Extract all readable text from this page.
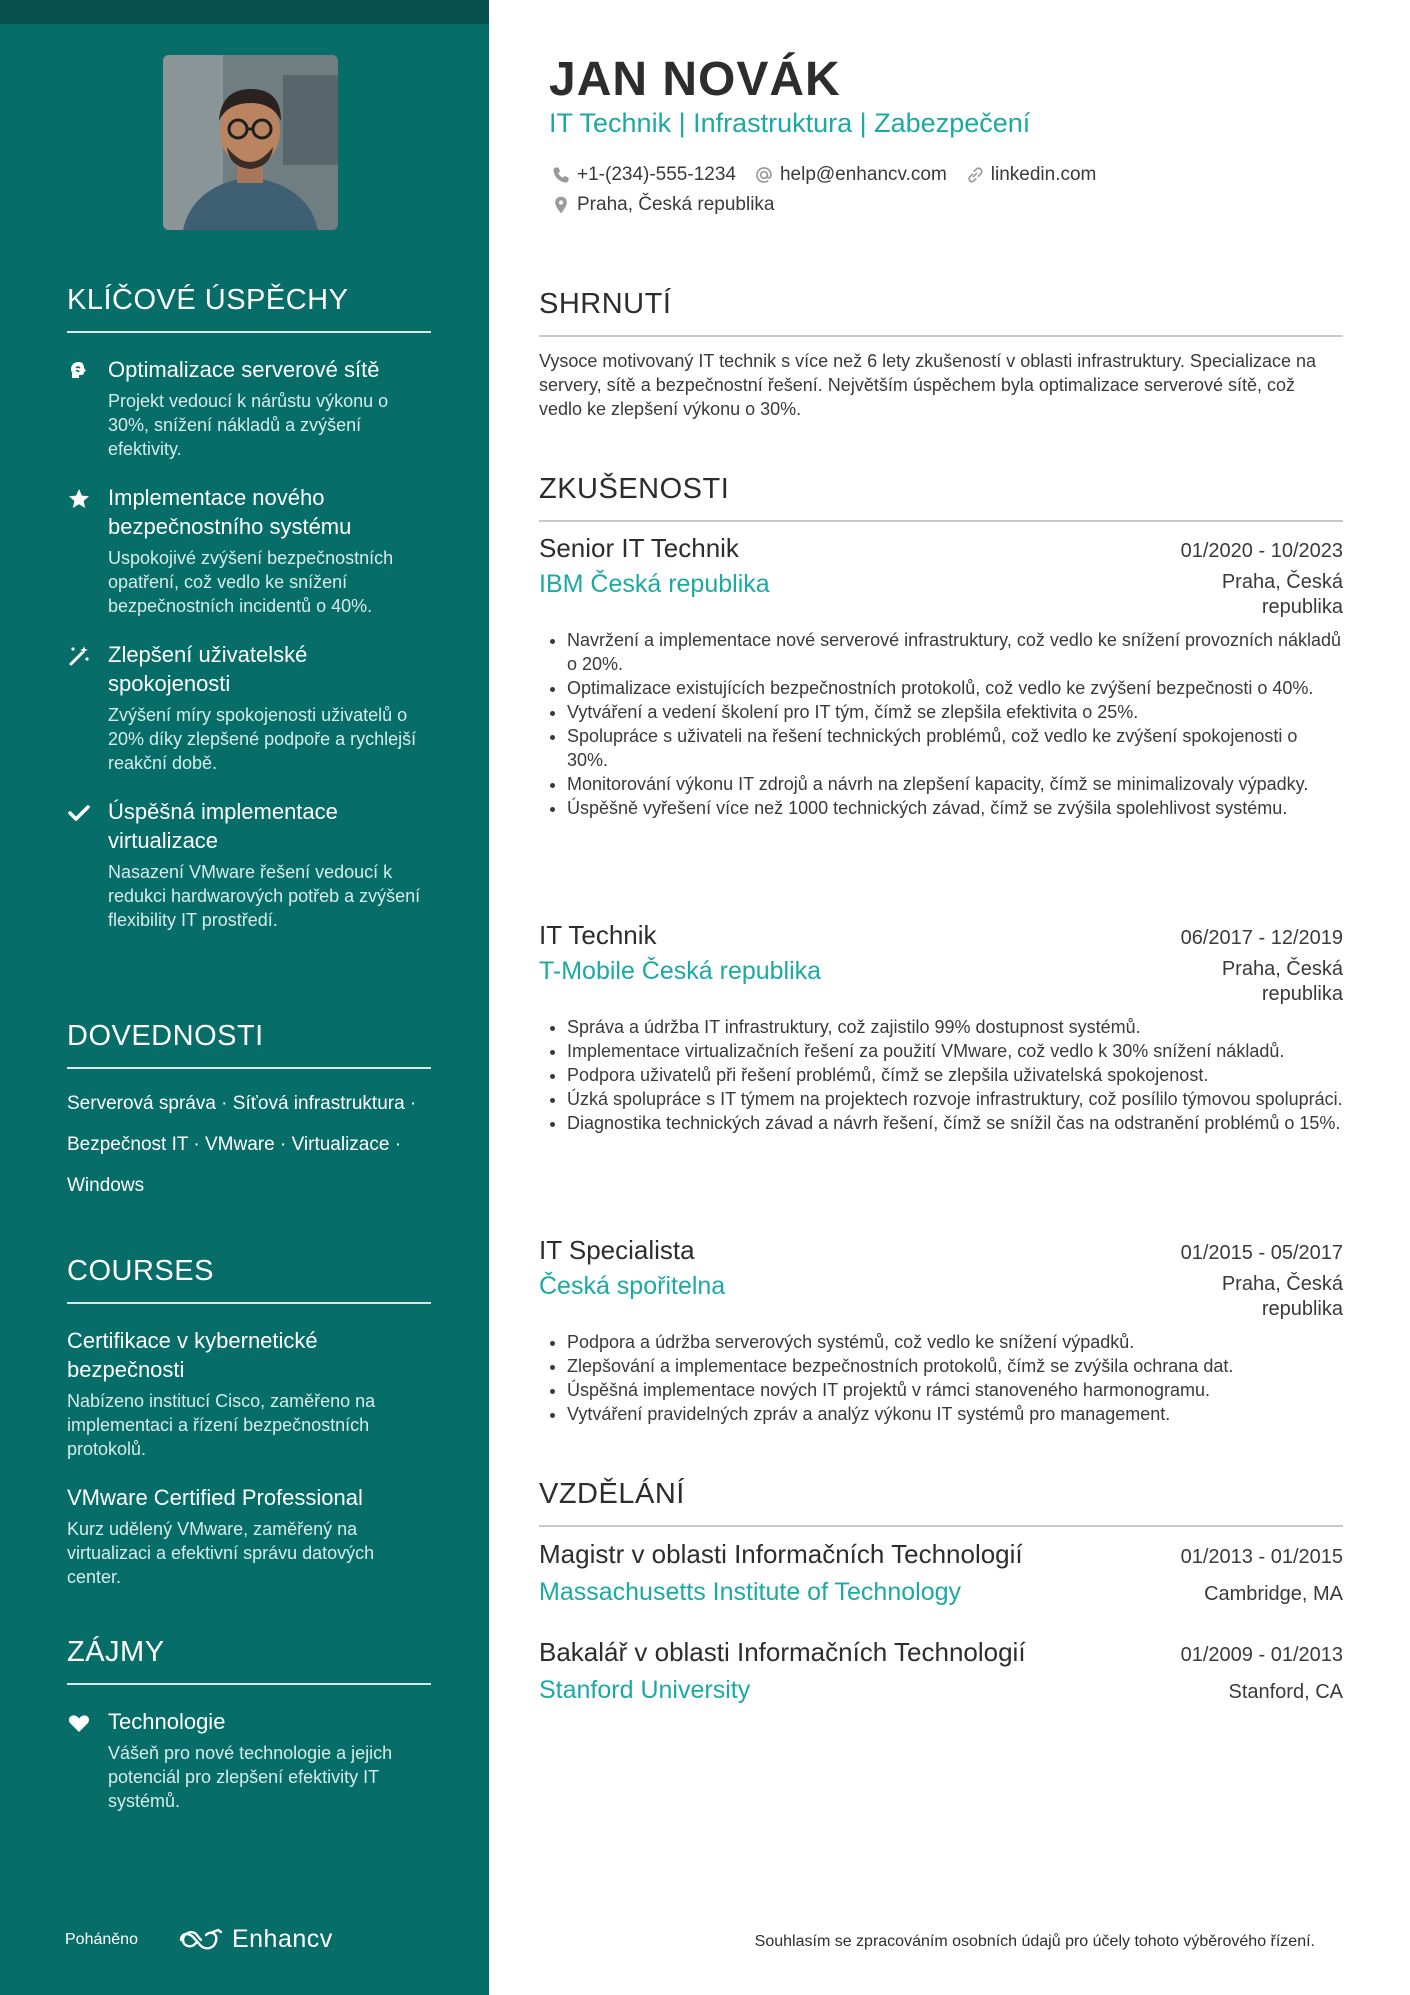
KLÍČOVÉ ÚSPĚCHY
Optimalizace serverové sítě
Projekt vedoucí k nárůstu výkonu o 30%, snížení nákladů a zvýšení efektivity.
Implementace nového bezpečnostního systému
Uspokojivé zvýšení bezpečnostních opatření, což vedlo ke snížení bezpečnostních incidentů o 40%.
Zlepšení uživatelské spokojenosti
Zvýšení míry spokojenosti uživatelů o 20% díky zlepšené podpoře a rychlejší reakční době.
Úspěšná implementace virtualizace
Nasazení VMware řešení vedoucí k redukci hardwarových potřeb a zvýšení flexibility IT prostředí.
DOVEDNOSTI
Serverová správa · Síťová infrastruktura · Bezpečnost IT · VMware · Virtualizace · Windows
COURSES
Certifikace v kybernetické bezpečnosti
Nabízeno institucí Cisco, zaměřeno na implementaci a řízení bezpečnostních protokolů.
VMware Certified Professional
Kurz udělený VMware, zaměřený na virtualizaci a efektivní správu datových center.
ZÁJMY
Technologie
Vášeň pro nové technologie a jejich potenciál pro zlepšení efektivity IT systémů.
Poháněno	Enhancv
JAN NOVÁK
IT Technik | Infrastruktura | Zabezpečení
+1-(234)-555-1234 help@enhancv.com linkedin.com
Praha, Česká republika
SHRNUTÍ
Vysoce motivovaný IT technik s více než 6 lety zkušeností v oblasti infrastruktury. Specializace na servery, sítě a bezpečnostní řešení. Největším úspěchem byla optimalizace serverové sítě, což vedlo ke zlepšení výkonu o 30%.
ZKUŠENOSTI
Senior IT Technik	01/2020 - 10/2023
IBM Česká republika	Praha, Česká republika
• Navržení a implementace nové serverové infrastruktury, což vedlo ke snížení provozních nákladů o 20%.
• Optimalizace existujících bezpečnostních protokolů, což vedlo ke zvýšení bezpečnosti o 40%.
• Vytváření a vedení školení pro IT tým, čímž se zlepšila efektivita o 25%.
• Spolupráce s uživateli na řešení technických problémů, což vedlo ke zvýšení spokojenosti o 30%.
• Monitorování výkonu IT zdrojů a návrh na zlepšení kapacity, čímž se minimalizovaly výpadky.
• Úspěšně vyřešení více než 1000 technických závad, čímž se zvýšila spolehlivost systému.
IT Technik	06/2017 - 12/2019
T-Mobile Česká republika	Praha, Česká republika
• Správa a údržba IT infrastruktury, což zajistilo 99% dostupnost systémů.
• Implementace virtualizačních řešení za použití VMware, což vedlo k 30% snížení nákladů.
• Podpora uživatelů při řešení problémů, čímž se zlepšila uživatelská spokojenost.
• Úzká spolupráce s IT týmem na projektech rozvoje infrastruktury, což posílilo týmovou spolupráci.
• Diagnostika technických závad a návrh řešení, čímž se snížil čas na odstranění problémů o 15%.
IT Specialista	01/2015 - 05/2017
Česká spořitelna	Praha, Česká republika
• Podpora a údržba serverových systémů, což vedlo ke snížení výpadků.
• Zlepšování a implementace bezpečnostních protokolů, čímž se zvýšila ochrana dat.
• Úspěšná implementace nových IT projektů v rámci stanoveného harmonogramu.
• Vytváření pravidelných zpráv a analýz výkonu IT systémů pro management.
VZDĚLÁNÍ
Magistr v oblasti Informačních Technologií	01/2013 - 01/2015
Massachusetts Institute of Technology	Cambridge, MA
Bakalář v oblasti Informačních Technologií	01/2009 - 01/2013
Stanford University	Stanford, CA
Souhlasím se zpracováním osobních údajů pro účely tohoto výběrového řízení.
